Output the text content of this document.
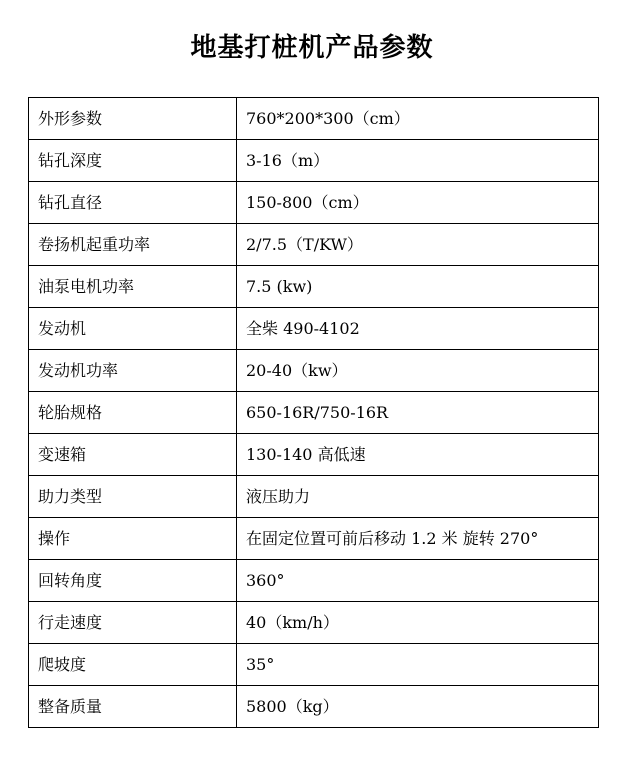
地基打桩机产品参数
外形参数	760*200*300（cm）
钻孔深度	3-16（m）
钻孔直径	150-800（cm）
卷扬机起重功率	2/7.5（T/KW）
油泵电机功率	7.5 (kw)
发动机	全柴 490-4102
发动机功率	20-40（kw）
轮胎规格	650-16R/750-16R
变速箱	130-140 高低速
助力类型	液压助力
操作	在固定位置可前后移动 1.2 米 旋转 270°
回转角度	360°
行走速度	40（km/h）
爬坡度	35°
整备质量	5800（kg）
